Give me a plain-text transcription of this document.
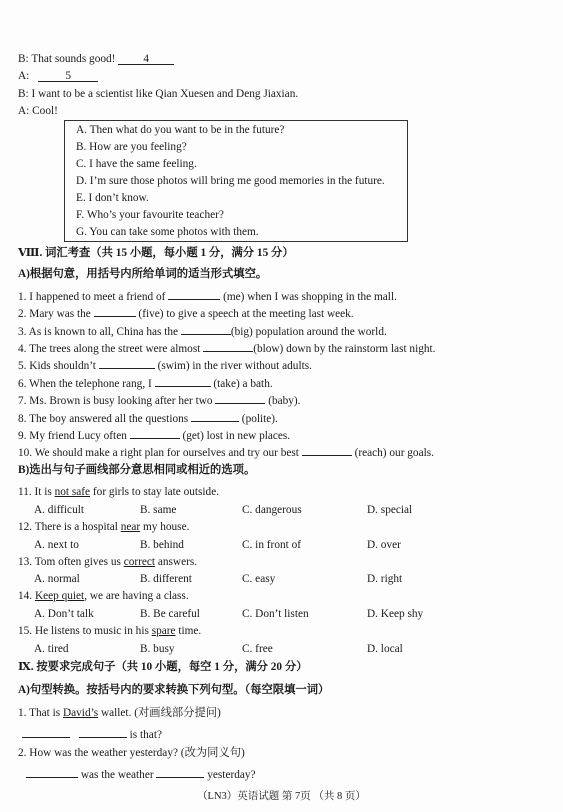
B: That sounds good! 4
A:	5
B: I want to be a scientist like Qian Xuesen and Deng Jiaxian.
A: Cool!
A. Then what do you want to be in the future?
B. How are you feeling?
C. I have the same feeling.
D. I’m sure those photos will bring me good memories in the future.
E. I don’t know.
F. Who’s your favourite teacher?
G. You can take some photos with them.
Ⅷ. 词汇考查（共 15 小题，每小题 1 分，满分 15 分）
A)根据句意，用括号内所给单词的适当形式填空。
1. I happened to meet a friend of	(me) when I was shopping in the mall.
2. Mary was the	(five) to give a speech at the meeting last week.
3. As is known to all, China has the	(big) population around the world.
4. The trees along the street were almost	(blow) down by the rainstorm last night.
5. Kids shouldn’t	(swim) in the river without adults.
6. When the telephone rang, I	(take) a bath.
7. Ms. Brown is busy looking after her two	(baby).
8. The boy answered all the questions	(polite).
9. My friend Lucy often	(get) lost in new places.
10. We should make a right plan for ourselves and try our best	(reach) our goals.
B)选出与句子画线部分意思相同或相近的选项。
11. It is not safe for girls to stay late outside.
A. difficult	B. same	C. dangerous	D. special
12. There is a hospital near my house.
A. next to	B. behind	C. in front of	D. over
13. Tom often gives us correct answers.
A. normal	B. different	C. easy	D. right
14. Keep quiet, we are having a class.
A. Don’t talk	B. Be careful	C. Don’t listen	D. Keep shy
15. He listens to music in his spare time.
A. tired	B. busy	C. free	D. local
Ⅸ. 按要求完成句子（共 10 小题，每空 1 分，满分 20 分）
A)句型转换。按括号内的要求转换下列句型。（每空限填一词）
1. That is David’s wallet. (对画线部分提问)
is that?
2. How was the weather yesterday? (改为同义句)
was the weather	yesterday?
（LN3）英语试题 第 7页 （共 8 页）
